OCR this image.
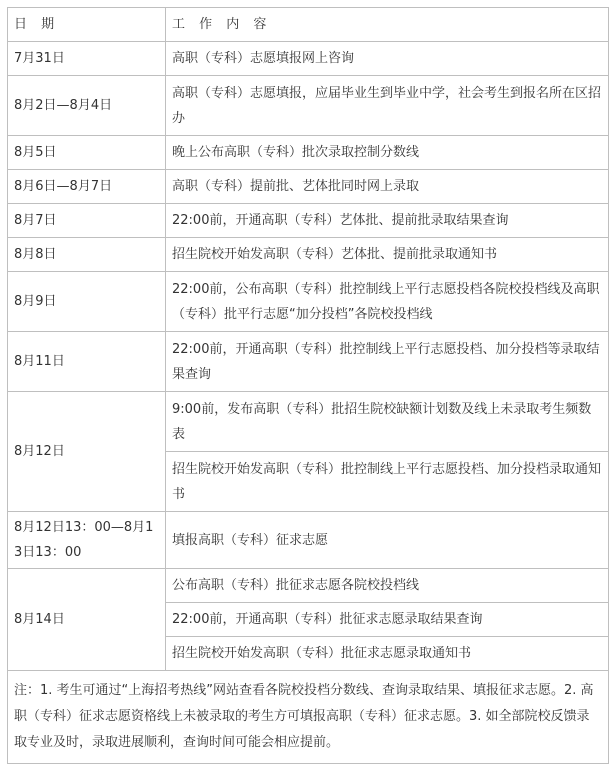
日 期	工 作 内 容
7月31日	高职（专科）志愿填报网上咨询
8月2日—8月4日	高职（专科）志愿填报，应届毕业生到毕业中学，社会考生到报名所在区招办
8月5日	晚上公布高职（专科）批次录取控制分数线
8月6日—8月7日	高职（专科）提前批、艺体批同时网上录取
8月7日	22:00前，开通高职（专科）艺体批、提前批录取结果查询
8月8日	招生院校开始发高职（专科）艺体批、提前批录取通知书
8月9日	22:00前，公布高职（专科）批控制线上平行志愿投档各院校投档线及高职（专科）批平行志愿“加分投档”各院校投档线
8月11日	22:00前，开通高职（专科）批控制线上平行志愿投档、加分投档等录取结果查询
8月12日	9:00前，发布高职（专科）批招生院校缺额计划数及线上未录取考生频数表
	招生院校开始发高职（专科）批控制线上平行志愿投档、加分投档录取通知书
8月12日13：00—8月13日13：00	填报高职（专科）征求志愿
8月14日	公布高职（专科）批征求志愿各院校投档线
	22:00前，开通高职（专科）批征求志愿录取结果查询
	招生院校开始发高职（专科）批征求志愿录取通知书
注：1. 考生可通过“上海招考热线”网站查看各院校投档分数线、查询录取结果、填报征求志愿。2. 高职（专科）征求志愿资格线上未被录取的考生方可填报高职（专科）征求志愿。3. 如全部院校反馈录取专业及时，录取进展顺利，查询时间可能会相应提前。	
